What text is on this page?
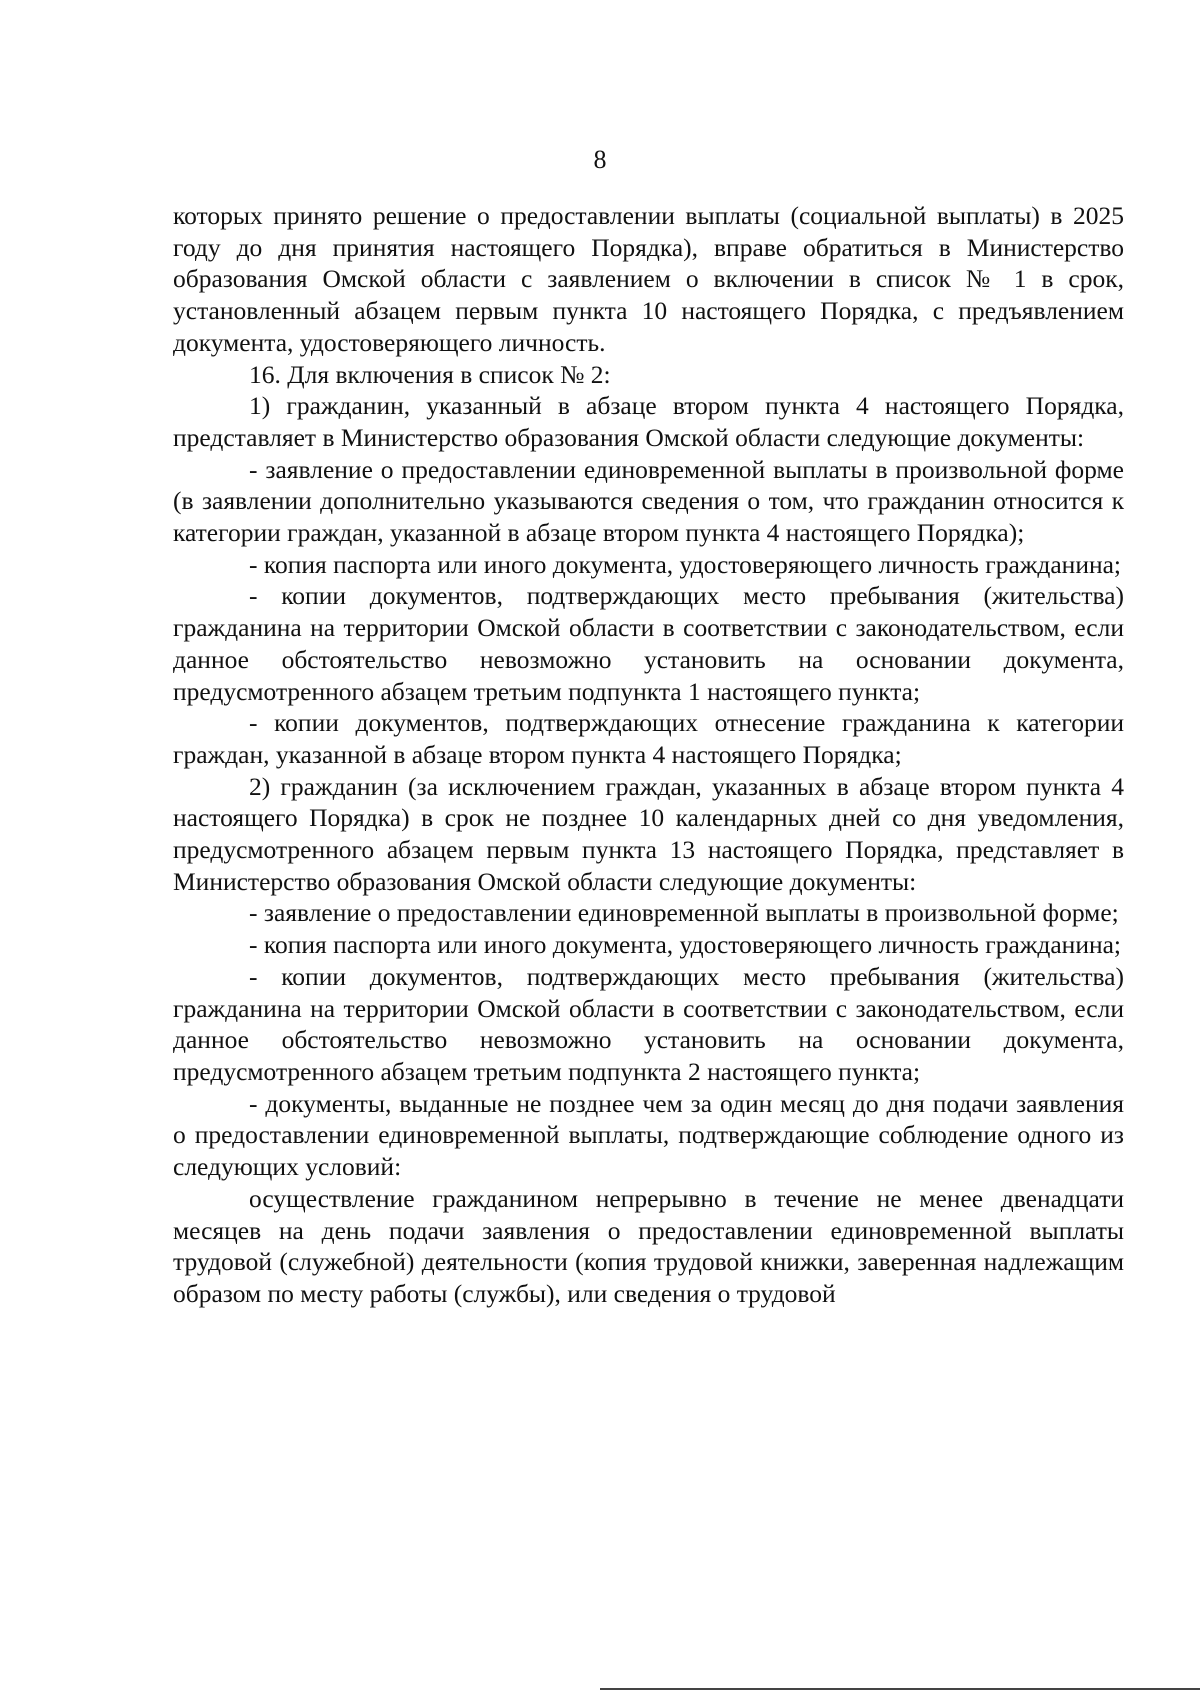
8

которых принято решение о предоставлении выплаты (социальной выплаты) в 2025 году до дня принятия настоящего Порядка), вправе обратиться в Министерство образования Омской области с заявлением о включении в список № 1 в срок, установленный абзацем первым пункта 10 настоящего Порядка, с предъявлением документа, удостоверяющего личность.

16. Для включения в список № 2:

1) гражданин, указанный в абзаце втором пункта 4 настоящего Порядка, представляет в Министерство образования Омской области следующие документы:

- заявление о предоставлении единовременной выплаты в произвольной форме (в заявлении дополнительно указываются сведения о том, что гражданин относится к категории граждан, указанной в абзаце втором пункта 4 настоящего Порядка);

- копия паспорта или иного документа, удостоверяющего личность гражданина;

- копии документов, подтверждающих место пребывания (жительства) гражданина на территории Омской области в соответствии с законодательством, если данное обстоятельство невозможно установить на основании документа, предусмотренного абзацем третьим подпункта 1 настоящего пункта;

- копии документов, подтверждающих отнесение гражданина к категории граждан, указанной в абзаце втором пункта 4 настоящего Порядка;

2) гражданин (за исключением граждан, указанных в абзаце втором пункта 4 настоящего Порядка) в срок не позднее 10 календарных дней со дня уведомления, предусмотренного абзацем первым пункта 13 настоящего Порядка, представляет в Министерство образования Омской области следующие документы:

- заявление о предоставлении единовременной выплаты в произвольной форме;

- копия паспорта или иного документа, удостоверяющего личность гражданина;

- копии документов, подтверждающих место пребывания (жительства) гражданина на территории Омской области в соответствии с законодательством, если данное обстоятельство невозможно установить на основании документа, предусмотренного абзацем третьим подпункта 2 настоящего пункта;

- документы, выданные не позднее чем за один месяц до дня подачи заявления о предоставлении единовременной выплаты, подтверждающие соблюдение одного из следующих условий:

осуществление гражданином непрерывно в течение не менее двенадцати месяцев на день подачи заявления о предоставлении единовременной выплаты трудовой (служебной) деятельности (копия трудовой книжки, заверенная надлежащим образом по месту работы (службы), или сведения о трудовой
